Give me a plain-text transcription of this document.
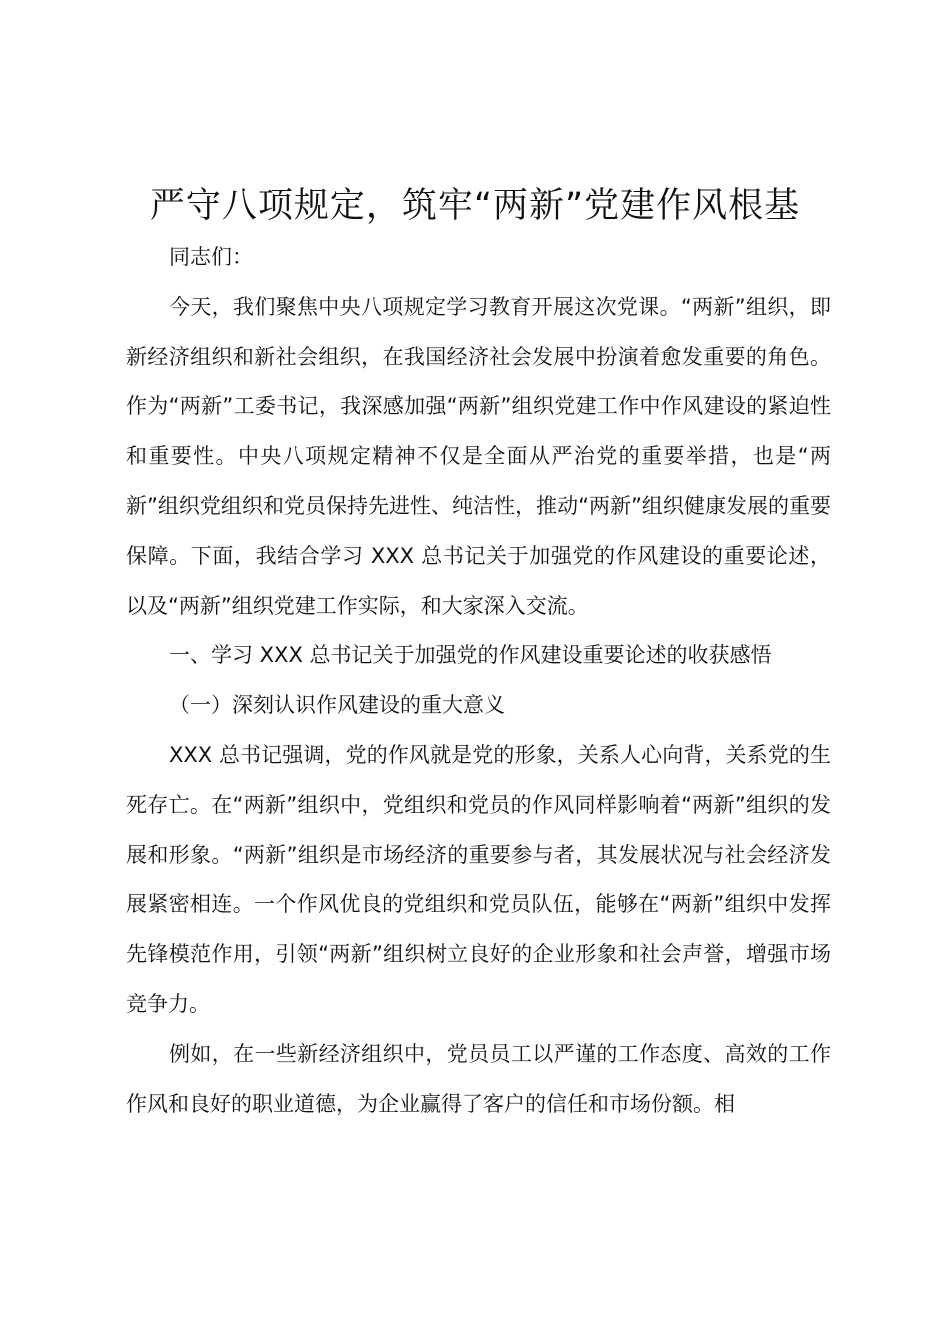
严守八项规定，筑牢“两新”党建作风根基

同志们：

今天，我们聚焦中央八项规定学习教育开展这次党课。“两新”组织，即新经济组织和新社会组织，在我国经济社会发展中扮演着愈发重要的角色。作为“两新”工委书记，我深感加强“两新”组织党建工作中作风建设的紧迫性和重要性。中央八项规定精神不仅是全面从严治党的重要举措，也是“两新”组织党组织和党员保持先进性、纯洁性，推动“两新”组织健康发展的重要保障。下面，我结合学习 XXX 总书记关于加强党的作风建设的重要论述，以及“两新”组织党建工作实际，和大家深入交流。

一、学习 XXX 总书记关于加强党的作风建设重要论述的收获感悟

（一）深刻认识作风建设的重大意义

XXX 总书记强调，党的作风就是党的形象，关系人心向背，关系党的生死存亡。在“两新”组织中，党组织和党员的作风同样影响着“两新”组织的发展和形象。“两新”组织是市场经济的重要参与者，其发展状况与社会经济发展紧密相连。一个作风优良的党组织和党员队伍，能够在“两新”组织中发挥先锋模范作用，引领“两新”组织树立良好的企业形象和社会声誉，增强市场竞争力。

例如，在一些新经济组织中，党员员工以严谨的工作态度、高效的工作作风和良好的职业道德，为企业赢得了客户的信任和市场份额。相
